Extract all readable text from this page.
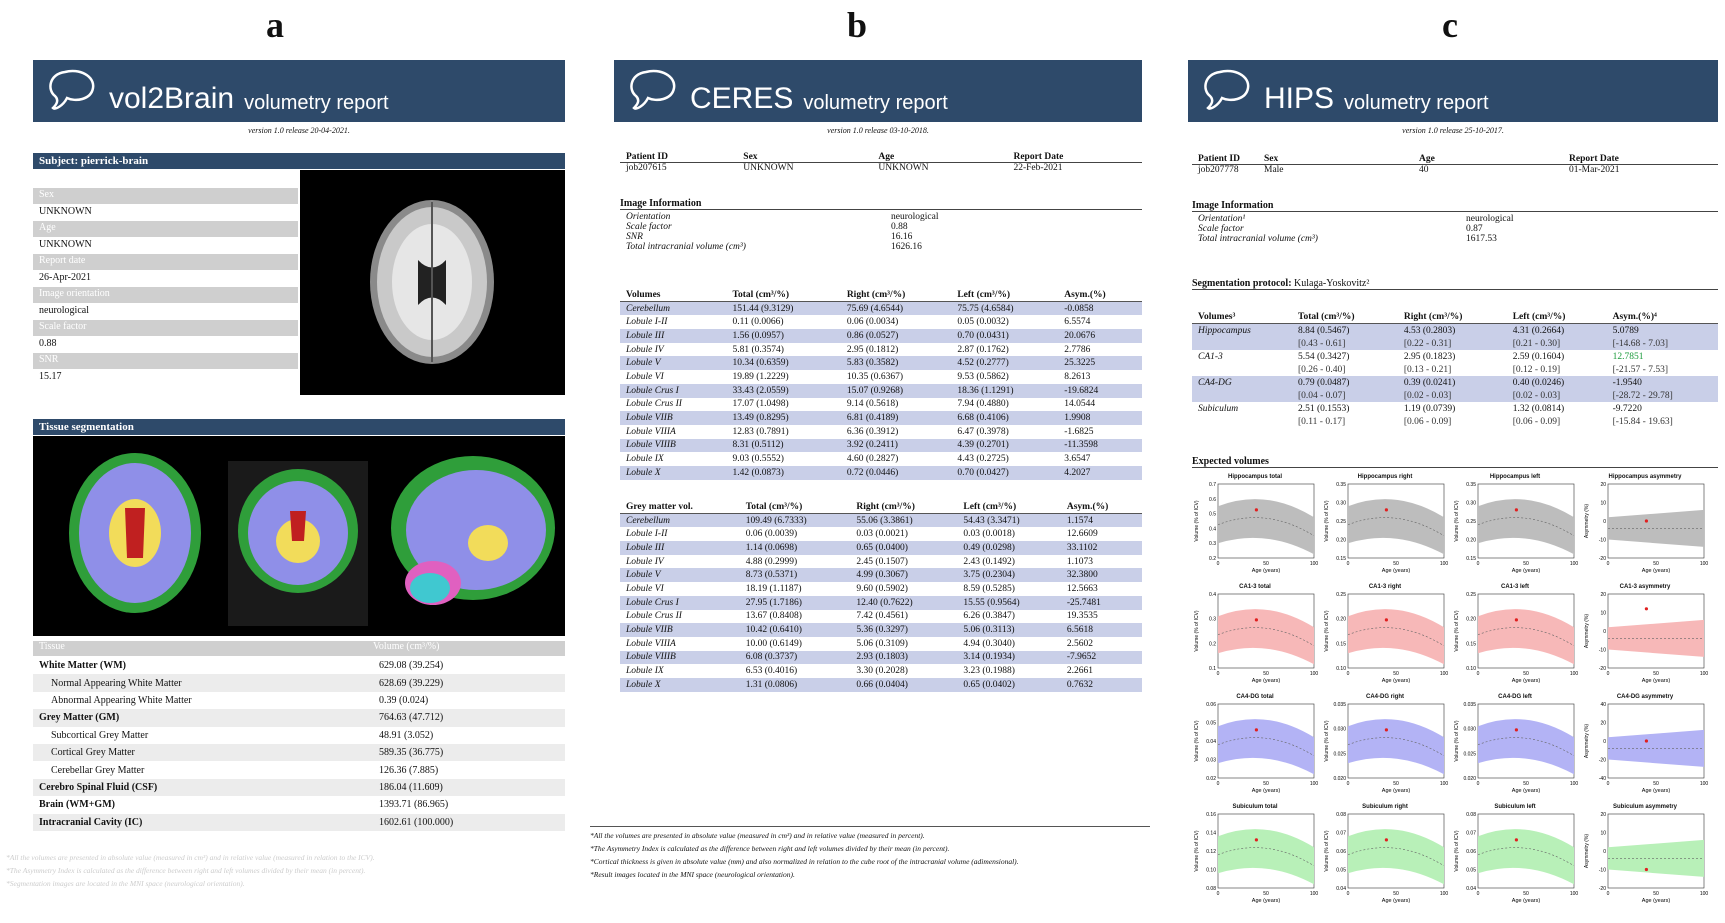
a
vol2Brain volumetry report
version 1.0 release 20-04-2021.
Subject: pierrick-brain
Sex
UNKNOWN
Age
UNKNOWN
Report date
26-Apr-2021
Image orientation
neurological
Scale factor
0.88
SNR
15.17
Tissue segmentation
Tissue	Volume (cm³/%)
White Matter (WM)	629.08 (39.254)
Normal Appearing White Matter	628.69 (39.229)
Abnormal Appearing White Matter	0.39 (0.024)
Grey Matter (GM)	764.63 (47.712)
Subcortical Grey Matter	48.91 (3.052)
Cortical Grey Matter	589.35 (36.775)
Cerebellar Grey Matter	126.36 (7.885)
Cerebro Spinal Fluid (CSF)	186.04 (11.609)
Brain (WM+GM)	1393.71 (86.965)
Intracranial Cavity (IC)	1602.61 (100.000)
*All the volumes are presented in absolute value (measured in cm³) and in relative value (measured in relation to the ICV).
*The Asymmetry Index is calculated as the difference between right and left volumes divided by their mean (in percent).
*Segmentation images are located in the MNI space (neurological orientation).
b
CERES volumetry report
version 1.0 release 03-10-2018.
Patient ID	Sex	Age	Report Date
job207615	UNKNOWN	UNKNOWN	22-Feb-2021
Image Information
Orientation	neurological
Scale factor	0.88
SNR	16.16
Total intracranial volume (cm³)	1626.16
Volumes	Total (cm³/%)	Right (cm³/%)	Left (cm³/%)	Asym.(%)
Cerebellum	151.44 (9.3129)	75.69 (4.6544)	75.75 (4.6584)	-0.0858
Lobule I-II	0.11 (0.0066)	0.06 (0.0034)	0.05 (0.0032)	6.5574
Lobule III	1.56 (0.0957)	0.86 (0.0527)	0.70 (0.0431)	20.0676
Lobule IV	5.81 (0.3574)	2.95 (0.1812)	2.87 (0.1762)	2.7786
Lobule V	10.34 (0.6359)	5.83 (0.3582)	4.52 (0.2777)	25.3225
Lobule VI	19.89 (1.2229)	10.35 (0.6367)	9.53 (0.5862)	8.2613
Lobule Crus I	33.43 (2.0559)	15.07 (0.9268)	18.36 (1.1291)	-19.6824
Lobule Crus II	17.07 (1.0498)	9.14 (0.5618)	7.94 (0.4880)	14.0544
Lobule VIIB	13.49 (0.8295)	6.81 (0.4189)	6.68 (0.4106)	1.9908
Lobule VIIIA	12.83 (0.7891)	6.36 (0.3912)	6.47 (0.3978)	-1.6825
Lobule VIIIB	8.31 (0.5112)	3.92 (0.2411)	4.39 (0.2701)	-11.3598
Lobule IX	9.03 (0.5552)	4.60 (0.2827)	4.43 (0.2725)	3.6547
Lobule X	1.42 (0.0873)	0.72 (0.0446)	0.70 (0.0427)	4.2027
Grey matter vol.	Total (cm³/%)	Right (cm³/%)	Left (cm³/%)	Asym.(%)
Cerebellum	109.49 (6.7333)	55.06 (3.3861)	54.43 (3.3471)	1.1574
Lobule I-II	0.06 (0.0039)	0.03 (0.0021)	0.03 (0.0018)	12.6609
Lobule III	1.14 (0.0698)	0.65 (0.0400)	0.49 (0.0298)	33.1102
Lobule IV	4.88 (0.2999)	2.45 (0.1507)	2.43 (0.1492)	1.1073
Lobule V	8.73 (0.5371)	4.99 (0.3067)	3.75 (0.2304)	32.3800
Lobule VI	18.19 (1.1187)	9.60 (0.5902)	8.59 (0.5285)	12.5663
Lobule Crus I	27.95 (1.7186)	12.40 (0.7622)	15.55 (0.9564)	-25.7481
Lobule Crus II	13.67 (0.8408)	7.42 (0.4561)	6.26 (0.3847)	19.3535
Lobule VIIB	10.42 (0.6410)	5.36 (0.3297)	5.06 (0.3113)	6.5618
Lobule VIIIA	10.00 (0.6149)	5.06 (0.3109)	4.94 (0.3040)	2.5602
Lobule VIIIB	6.08 (0.3737)	2.93 (0.1803)	3.14 (0.1934)	-7.9652
Lobule IX	6.53 (0.4016)	3.30 (0.2028)	3.23 (0.1988)	2.2661
Lobule X	1.31 (0.0806)	0.66 (0.0404)	0.65 (0.0402)	0.7632
*All the volumes are presented in absolute value (measured in cm³) and in relative value (measured in percent).
*The Asymmetry Index is calculated as the difference between right and left volumes divided by their mean (in percent).
*Cortical thickness is given in absolute value (mm) and also normalized in relation to the cube root of the intracranial volume (adimensional).
*Result images located in the MNI space (neurological orientation).
c
HIPS volumetry report
version 1.0 release 25-10-2017.
Patient ID	Sex	Age	Report Date
job207778	Male	40	01-Mar-2021
Image Information
Orientation¹	neurological
Scale factor	0.87
Total intracranial volume (cm³)	1617.53
Segmentation protocol: Kulaga-Yoskovitz²
Volumes³	Total (cm³/%)	Right (cm³/%)	Left (cm³/%)	Asym.(%)⁴
Hippocampus	8.84 (0.5467)	4.53 (0.2803)	4.31 (0.2664)	5.0789
	[0.43 - 0.61]	[0.22 - 0.31]	[0.21 - 0.30]	[-14.68 - 7.03]
CA1-3	5.54 (0.3427)	2.95 (0.1823)	2.59 (0.1604)	12.7851
	[0.26 - 0.40]	[0.13 - 0.21]	[0.12 - 0.19]	[-21.57 - 7.53]
CA4-DG	0.79 (0.0487)	0.39 (0.0241)	0.40 (0.0246)	-1.9540
	[0.04 - 0.07]	[0.02 - 0.03]	[0.02 - 0.03]	[-28.72 - 29.78]
Subiculum	2.51 (0.1553)	1.19 (0.0739)	1.32 (0.0814)	-9.7220
	[0.11 - 0.17]	[0.06 - 0.09]	[0.06 - 0.09]	[-15.84 - 19.63]
Expected volumes
Hippocampus total
0.7
0.6
0.5
0.4
0.3
0.2
0	50	100
Age (years)
Volume (% of ICV)
Hippocampus right
0.35
0.30
0.25
0.20
0.15
0	50	100
Age (years)
Volume (% of ICV)
Hippocampus left
0.35
0.30
0.25
0.20
0.15
0	50	100
Age (years)
Volume (% of ICV)
Hippocampus asymmetry
20
10
0
-10
-20
0	50	100
Age (years)
Asymmetry (%)
CA1-3 total
0.4
0.3
0.2
0.1
0	50	100
Age (years)
Volume (% of ICV)
CA1-3 right
0.25
0.20
0.15
0.10
0	50	100
Age (years)
Volume (% of ICV)
CA1-3 left
0.25
0.20
0.15
0.10
0	50	100
Age (years)
Volume (% of ICV)
CA1-3 asymmetry
20
10
0
-10
-20
0	50	100
Age (years)
Asymmetry (%)
CA4-DG total
0.06
0.05
0.04
0.03
0.02
0	50	100
Age (years)
Volume (% of ICV)
CA4-DG right
0.035
0.030
0.025
0.020
0	50	100
Age (years)
Volume (% of ICV)
CA4-DG left
0.035
0.030
0.025
0.020
0	50	100
Age (years)
Volume (% of ICV)
CA4-DG asymmetry
40
20
0
-20
-40
0	50	100
Age (years)
Asymmetry (%)
Subiculum total
0.16
0.14
0.12
0.10
0.08
0	50	100
Age (years)
Volume (% of ICV)
Subiculum right
0.08
0.07
0.06
0.05
0.04
0	50	100
Age (years)
Volume (% of ICV)
Subiculum left
0.08
0.07
0.06
0.05
0.04
0	50	100
Age (years)
Volume (% of ICV)
Subiculum asymmetry
20
10
0
-10
-20
0	50	100
Age (years)
Asymmetry (%)
